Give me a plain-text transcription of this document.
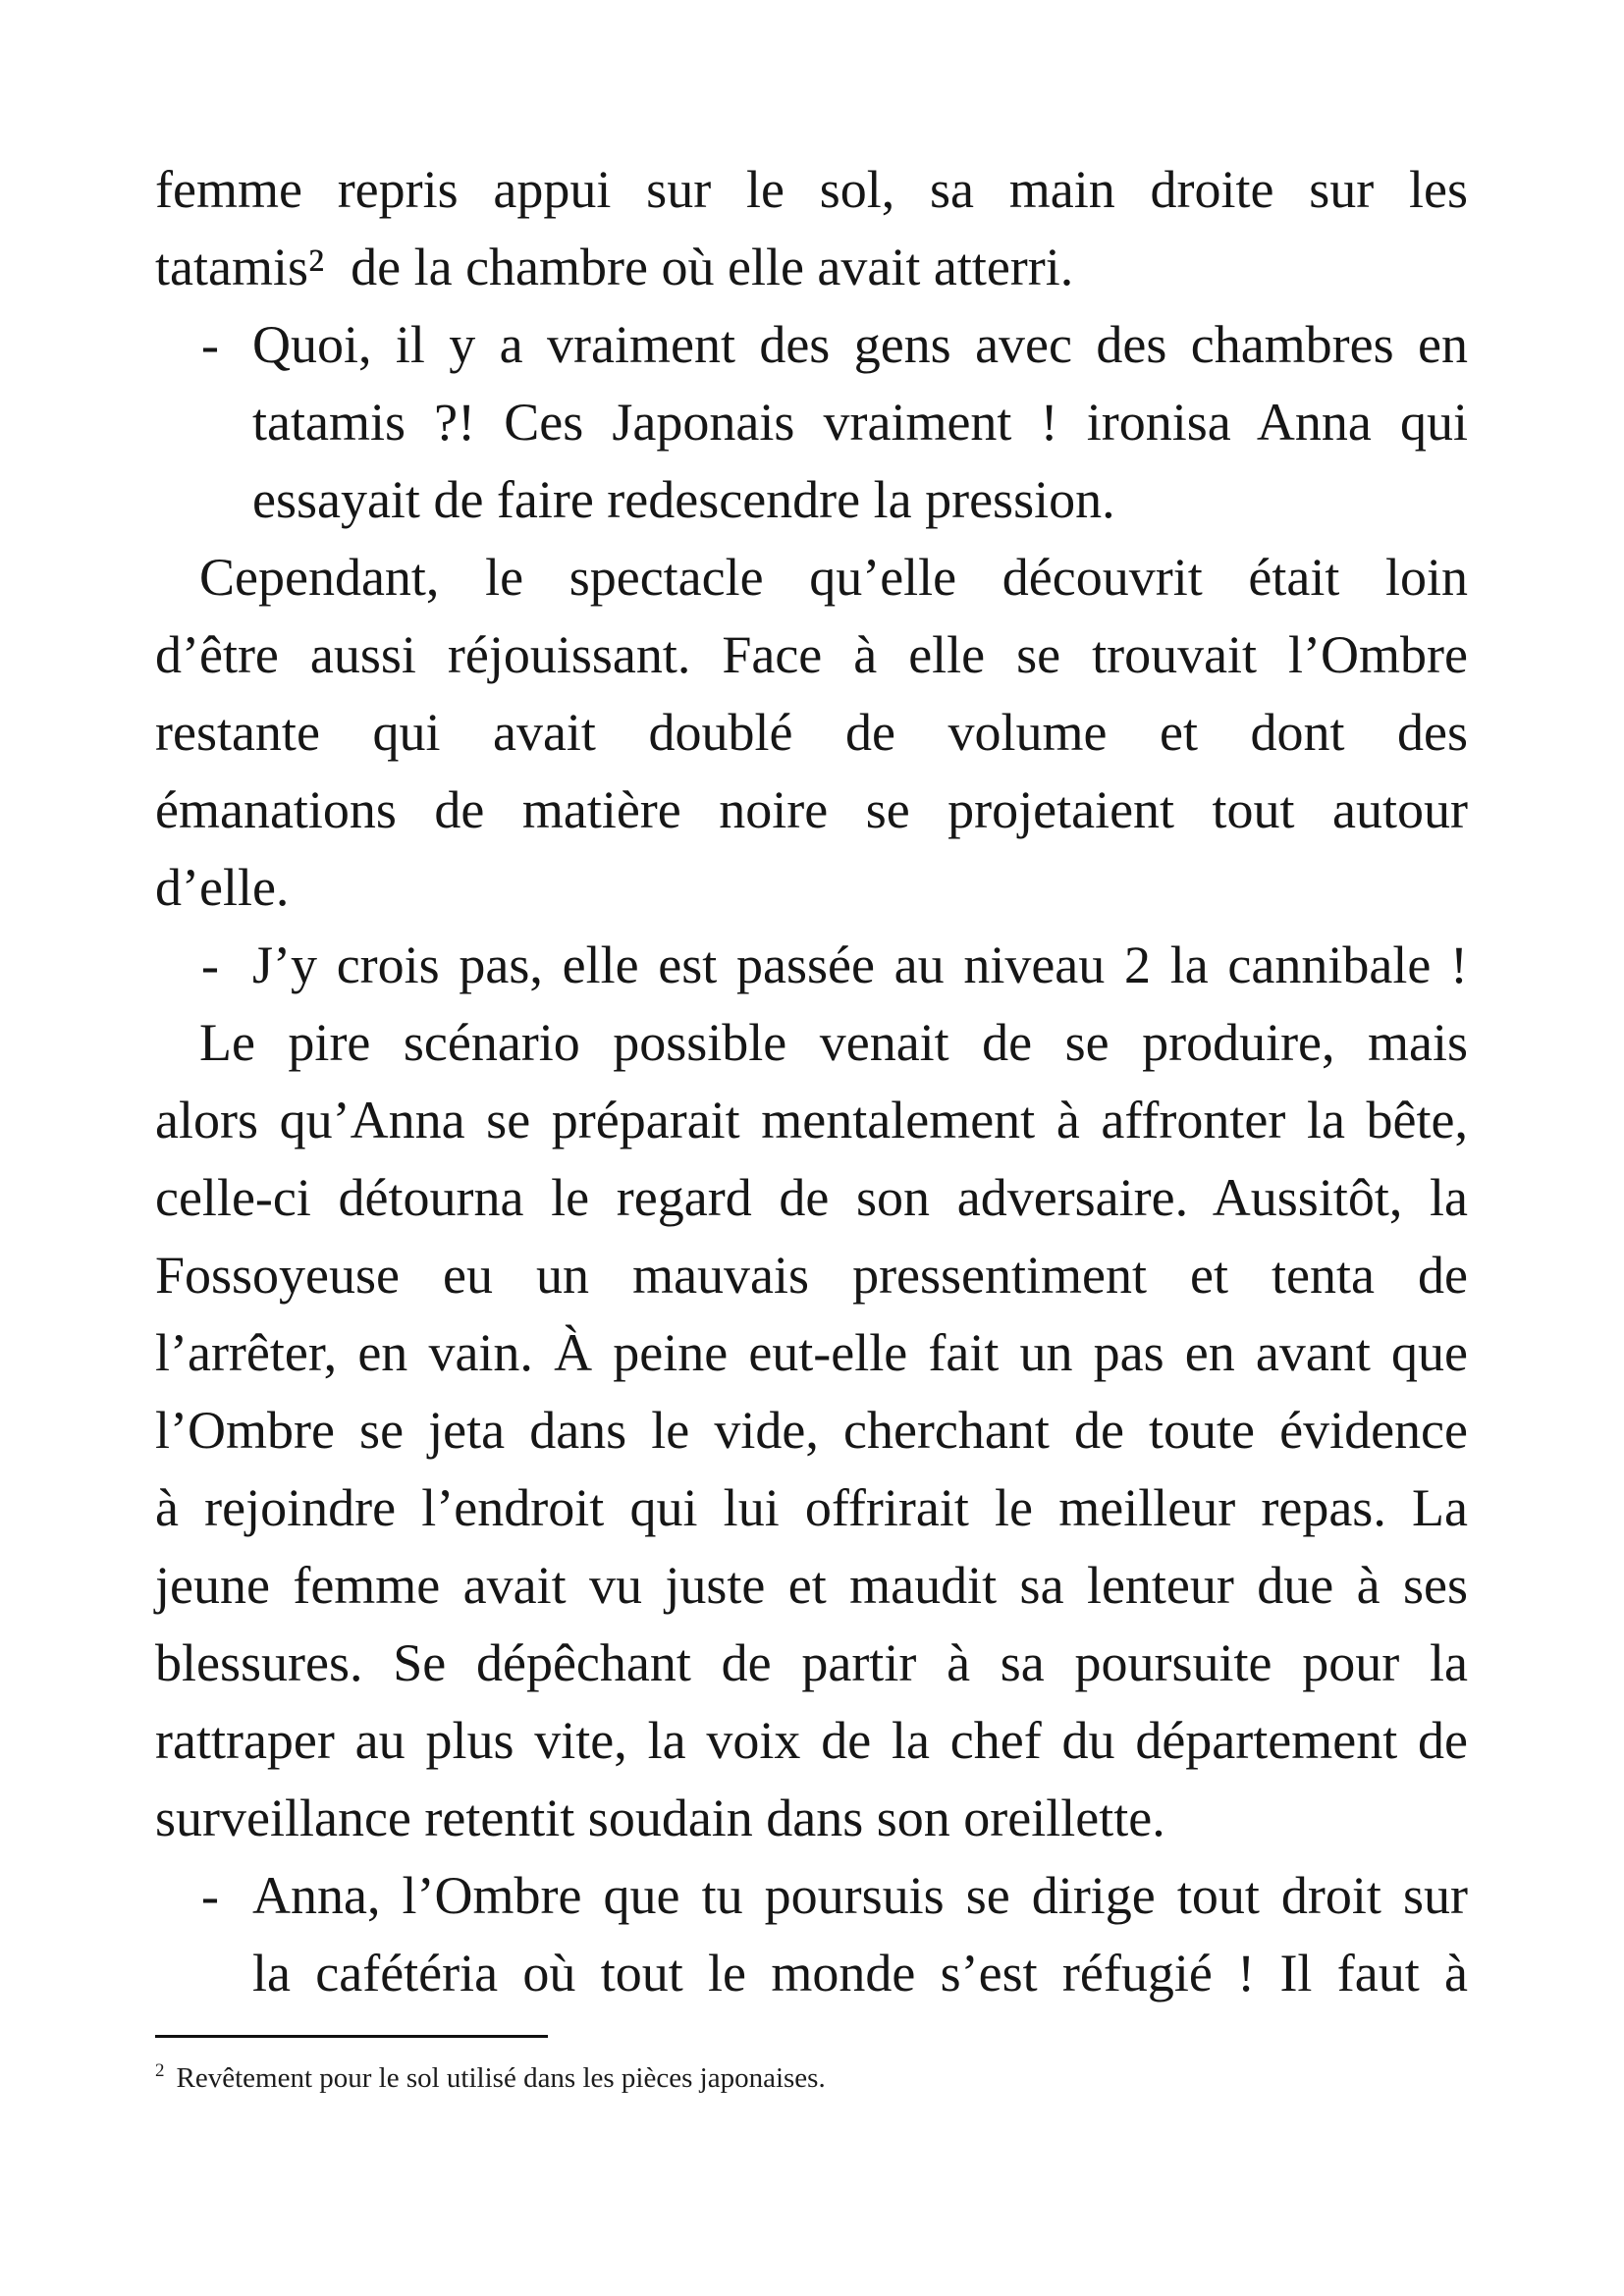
femme repris appui sur le sol, sa main droite sur les
tatamis²  de la chambre où elle avait atterri.
- Quoi, il y a vraiment des gens avec des chambres en
tatamis ?! Ces Japonais vraiment ! ironisa Anna qui
essayait de faire redescendre la pression.
Cependant, le spectacle qu’elle découvrit était loin
d’être aussi réjouissant. Face à elle se trouvait l’Ombre
restante qui avait doublé de volume et dont des
émanations de matière noire se projetaient tout autour
d’elle.
- J’y crois pas, elle est passée au niveau 2 la cannibale !
Le pire scénario possible venait de se produire, mais
alors qu’Anna se préparait mentalement à affronter la bête,
celle-ci détourna le regard de son adversaire. Aussitôt, la
Fossoyeuse eu un mauvais pressentiment et tenta de
l’arrêter, en vain. À peine eut-elle fait un pas en avant que
l’Ombre se jeta dans le vide, cherchant de toute évidence
à rejoindre l’endroit qui lui offrirait le meilleur repas. La
jeune femme avait vu juste et maudit sa lenteur due à ses
blessures. Se dépêchant de partir à sa poursuite pour la
rattraper au plus vite, la voix de la chef du département de
surveillance retentit soudain dans son oreillette.
- Anna, l’Ombre que tu poursuis se dirige tout droit sur
la cafétéria où tout le monde s’est réfugié ! Il faut à
$^2$ Revêtement pour le sol utilisé dans les pièces japonaises.
